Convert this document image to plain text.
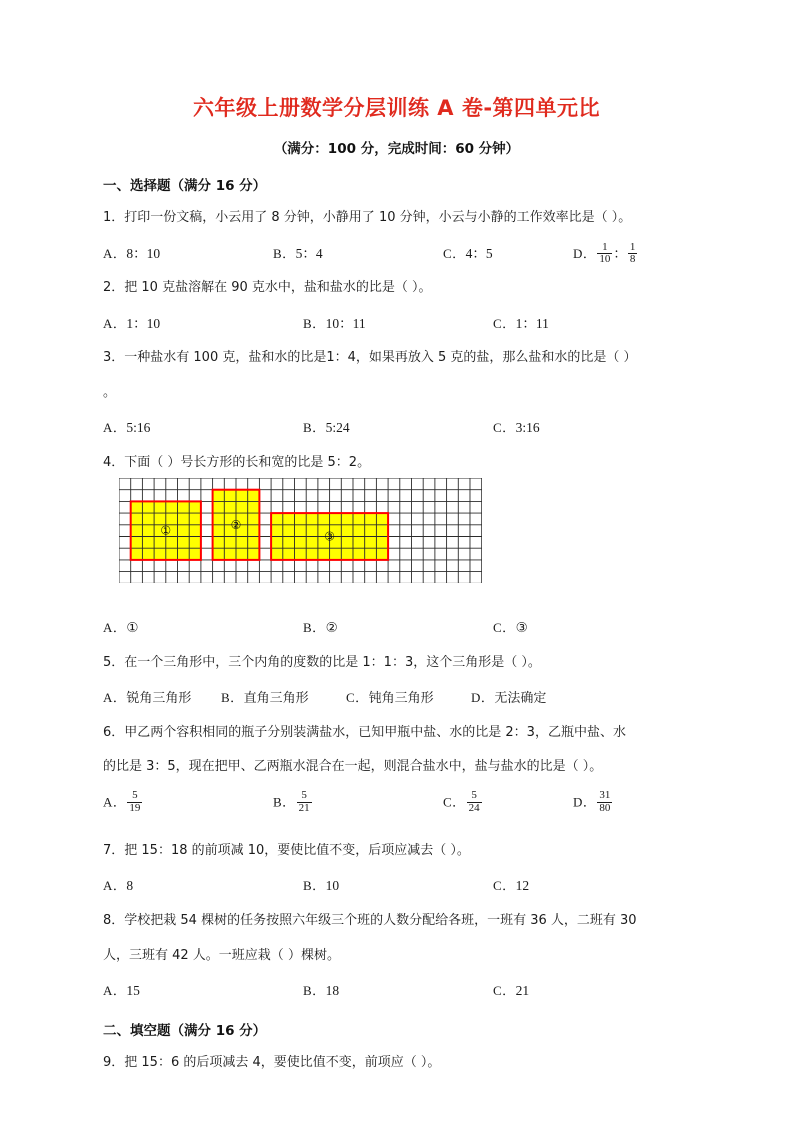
六年级上册数学分层训练 A 卷-第四单元比
（满分：100 分，完成时间：60 分钟）
一、选择题（满分 16 分）
1．打印一份文稿，小云用了 8 分钟，小静用了 10 分钟，小云与小静的工作效率比是（ ）。
A．8：10	B．5：4	C．4：5	D． $\frac{1}{10}$ ： $\frac{1}{8}$
2．把 10 克盐溶解在 90 克水中，盐和盐水的比是（ ）。
A．1：10	B．10：11	C．1：11
3．一种盐水有 100 克，盐和水的比是1：4，如果再放入 5 克的盐，那么盐和水的比是（ ）
。
A．5:16	B．5:24	C．3:16
4．下面（ ）号长方形的长和宽的比是 5：2。
①	②
③
A．①	B．②	C．③
5．在一个三角形中，三个内角的度数的比是 1：1：3，这个三角形是（ ）。
A．锐角三角形 B．直角三角形	C．钝角三角形	D．无法确定
6．甲乙两个容积相同的瓶子分别装满盐水，已知甲瓶中盐、水的比是 2：3，乙瓶中盐、水
的比是 3：5，现在把甲、乙两瓶水混合在一起，则混合盐水中，盐与盐水的比是（ ）。
A． $\frac{5}{19}$	B． $\frac{5}{21}$	C． $\frac{5}{24}$	D． $\frac{31}{80}$
7．把 15：18 的前项减 10，要使比值不变，后项应减去（ ）。
A．8	B．10	C．12
8．学校把栽 54 棵树的任务按照六年级三个班的人数分配给各班，一班有 36 人，二班有 30
人，三班有 42 人。一班应栽（ ）棵树。
A．15	B．18	C．21
二、填空题（满分 16 分）
9．把 15：6 的后项减去 4，要使比值不变，前项应（ ）。
